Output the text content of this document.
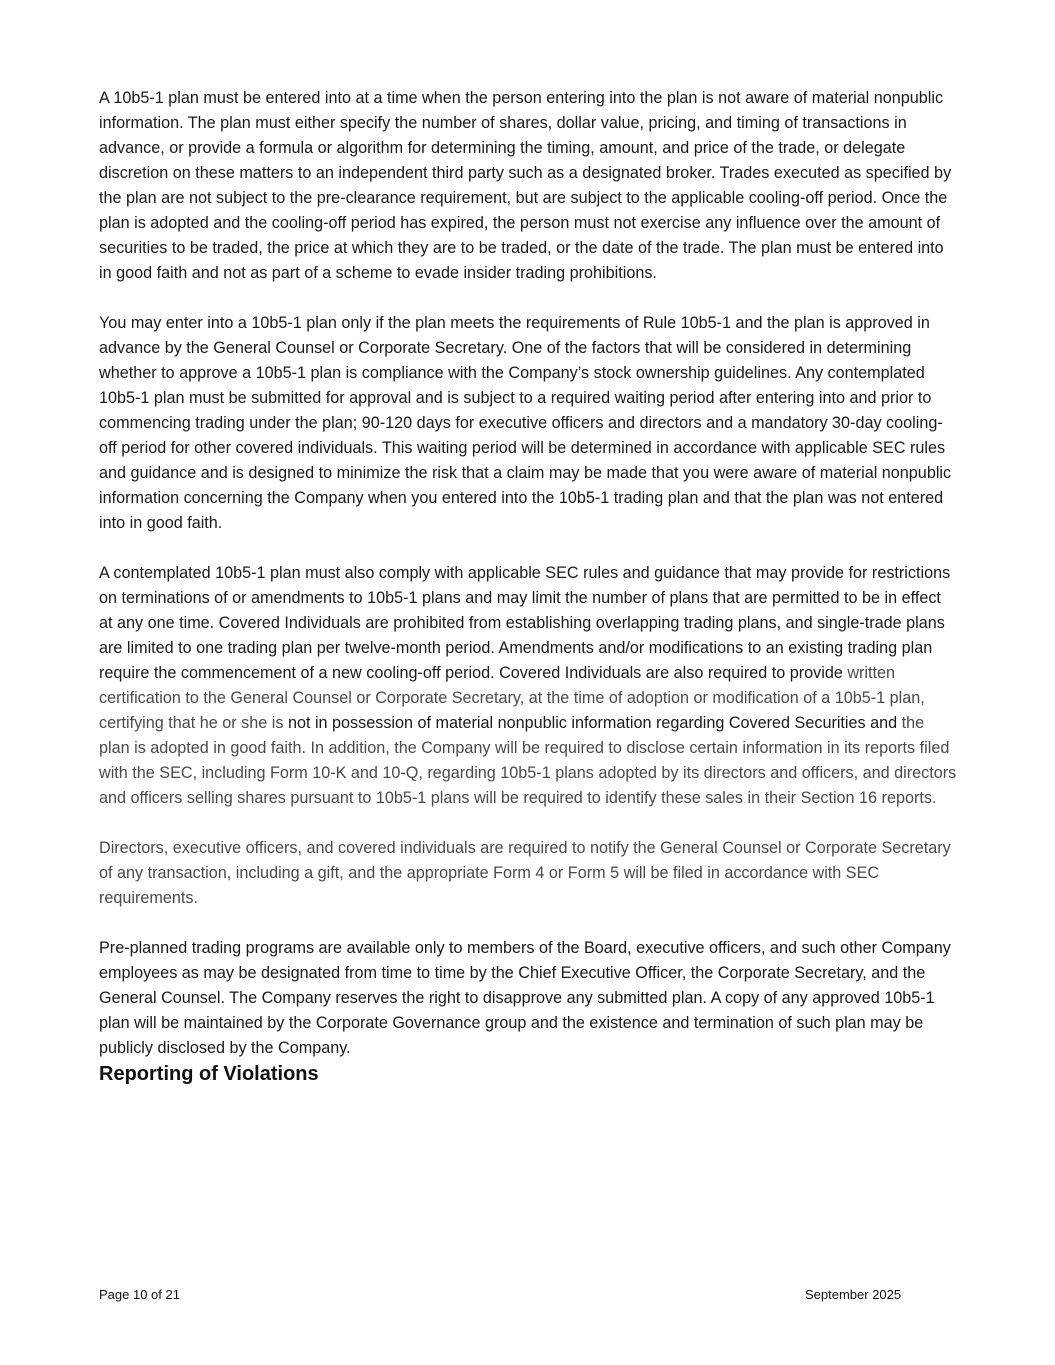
A 10b5-1 plan must be entered into at a time when the person entering into the plan is not aware of material nonpublic information. The plan must either specify the number of shares, dollar value, pricing, and timing of transactions in advance, or provide a formula or algorithm for determining the timing, amount, and price of the trade, or delegate discretion on these matters to an independent third party such as a designated broker. Trades executed as specified by the plan are not subject to the pre-clearance requirement, but are subject to the applicable cooling-off period. Once the plan is adopted and the cooling-off period has expired, the person must not exercise any influence over the amount of securities to be traded, the price at which they are to be traded, or the date of the trade. The plan must be entered into in good faith and not as part of a scheme to evade insider trading prohibitions.

You may enter into a 10b5-1 plan only if the plan meets the requirements of Rule 10b5-1 and the plan is approved in advance by the General Counsel or Corporate Secretary. One of the factors that will be considered in determining whether to approve a 10b5-1 plan is compliance with the Company’s stock ownership guidelines. Any contemplated 10b5-1 plan must be submitted for approval and is subject to a required waiting period after entering into and prior to commencing trading under the plan; 90-120 days for executive officers and directors and a mandatory 30-day cooling-off period for other covered individuals. This waiting period will be determined in accordance with applicable SEC rules and guidance and is designed to minimize the risk that a claim may be made that you were aware of material nonpublic information concerning the Company when you entered into the 10b5-1 trading plan and that the plan was not entered into in good faith.

A contemplated 10b5-1 plan must also comply with applicable SEC rules and guidance that may provide for restrictions on terminations of or amendments to 10b5-1 plans and may limit the number of plans that are permitted to be in effect at any one time. Covered Individuals are prohibited from establishing overlapping trading plans, and single-trade plans are limited to one trading plan per twelve-month period. Amendments and/or modifications to an existing trading plan require the commencement of a new cooling-off period. Covered Individuals are also required to provide written certification to the General Counsel or Corporate Secretary, at the time of adoption or modification of a 10b5-1 plan, certifying that he or she is not in possession of material nonpublic information regarding Covered Securities and the plan is adopted in good faith. In addition, the Company will be required to disclose certain information in its reports filed with the SEC, including Form 10-K and 10-Q, regarding 10b5-1 plans adopted by its directors and officers, and directors and officers selling shares pursuant to 10b5-1 plans will be required to identify these sales in their Section 16 reports.

Directors, executive officers, and covered individuals are required to notify the General Counsel or Corporate Secretary of any transaction, including a gift, and the appropriate Form 4 or Form 5 will be filed in accordance with SEC requirements.

Pre-planned trading programs are available only to members of the Board, executive officers, and such other Company employees as may be designated from time to time by the Chief Executive Officer, the Corporate Secretary, and the General Counsel. The Company reserves the right to disapprove any submitted plan. A copy of any approved 10b5-1 plan will be maintained by the Corporate Governance group and the existence and termination of such plan may be publicly disclosed by the Company.

Reporting of Violations
Page 10 of 21	September 2025
